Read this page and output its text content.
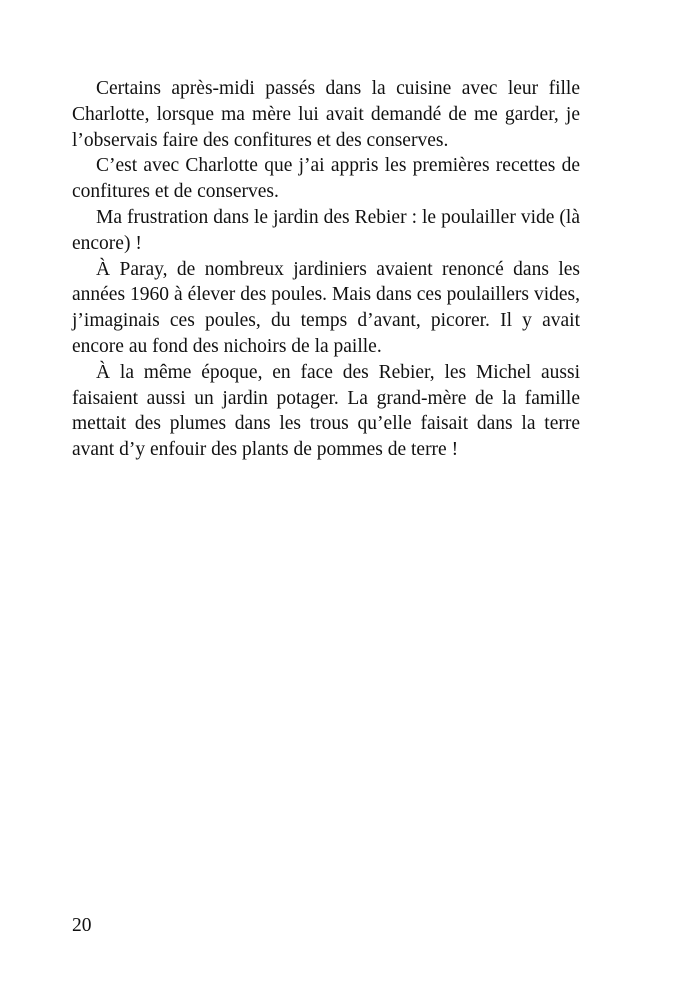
Certains après-midi passés dans la cuisine avec leur fille Charlotte, lorsque ma mère lui avait demandé de me garder, je l’observais faire des confitures et des conserves.

C’est avec Charlotte que j’ai appris les premières recettes de confitures et de conserves.

Ma frustration dans le jardin des Rebier : le poulailler vide (là encore) !

À Paray, de nombreux jardiniers avaient renoncé dans les années 1960 à élever des poules. Mais dans ces poulaillers vides, j’imaginais ces poules, du temps d’avant, picorer. Il y avait encore au fond des nichoirs de la paille.

À la même époque, en face des Rebier, les Michel aussi faisaient aussi un jardin potager. La grand-mère de la famille mettait des plumes dans les trous qu’elle faisait dans la terre avant d’y enfouir des plants de pommes de terre !

20
